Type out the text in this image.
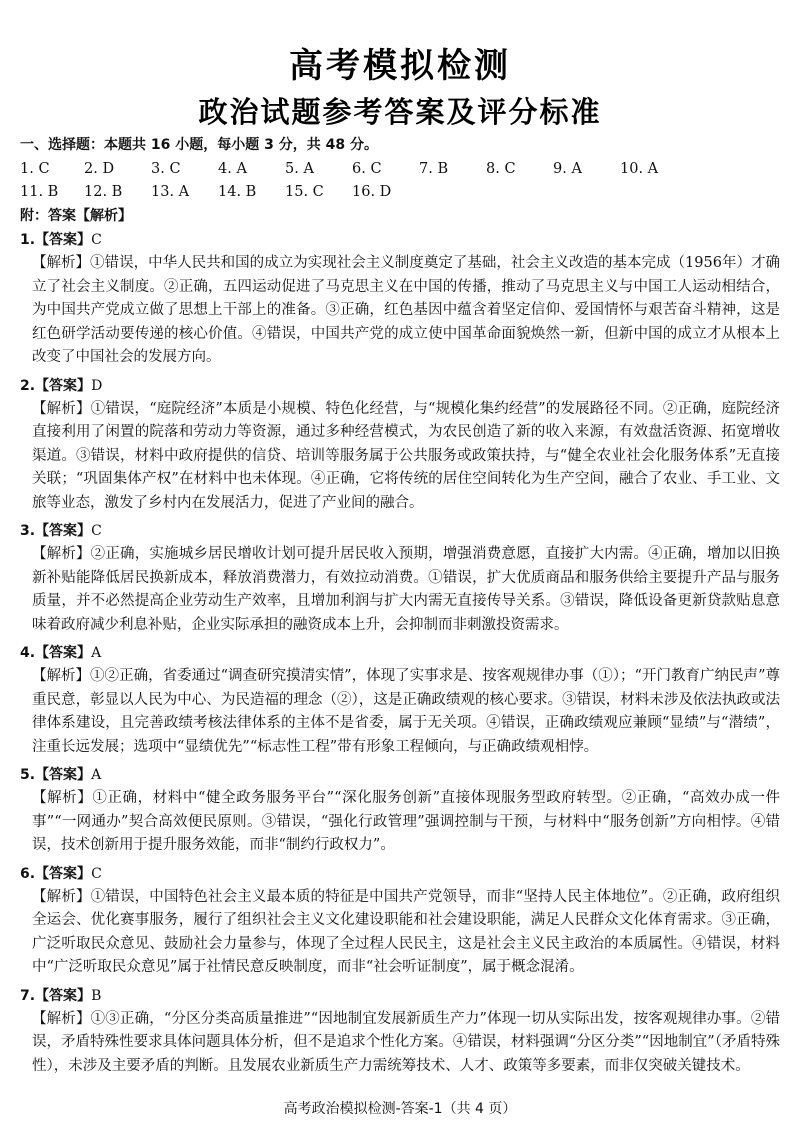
高考模拟检测
政治试题参考答案及评分标准
一、选择题：本题共 16 小题，每小题 3 分，共 48 分。
1. C 2. D	3. C	4. A	5. A	6. C	7. B	8. C	9. A	10. A
11. B 12. B 13. A 14. B 15. C 16. D
附：答案【解析】
1.【答案】C
【解析】①错误，中华人民共和国的成立为实现社会主义制度奠定了基础，社会主义改造的基本完成（1956年）才确立了社会主义制度。②正确，五四运动促进了马克思主义在中国的传播，推动了马克思主义与中国工人运动相结合，为中国共产党成立做了思想上干部上的准备。③正确，红色基因中蕴含着坚定信仰、爱国情怀与艰苦奋斗精神，这是红色研学活动要传递的核心价值。④错误，中国共产党的成立使中国革命面貌焕然一新，但新中国的成立才从根本上改变了中国社会的发展方向。
2.【答案】D
【解析】①错误，“庭院经济”本质是小规模、特色化经营，与“规模化集约经营”的发展路径不同。②正确，庭院经济直接利用了闲置的院落和劳动力等资源，通过多种经营模式，为农民创造了新的收入来源，有效盘活资源、拓宽增收渠道。③错误，材料中政府提供的信贷、培训等服务属于公共服务或政策扶持，与“健全农业社会化服务体系”无直接关联；“巩固集体产权”在材料中也未体现。④正确，它将传统的居住空间转化为生产空间，融合了农业、手工业、文旅等业态，激发了乡村内在发展活力，促进了产业间的融合。
3.【答案】C
【解析】②正确，实施城乡居民增收计划可提升居民收入预期，增强消费意愿，直接扩大内需。④正确，增加以旧换新补贴能降低居民换新成本，释放消费潜力，有效拉动消费。①错误，扩大优质商品和服务供给主要提升产品与服务质量，并不必然提高企业劳动生产效率，且增加利润与扩大内需无直接传导关系。③错误，降低设备更新贷款贴息意味着政府减少利息补贴，企业实际承担的融资成本上升，会抑制而非刺激投资需求。
4.【答案】A
【解析】①②正确，省委通过“调查研究摸清实情”，体现了实事求是、按客观规律办事（①）；“开门教育广纳民声”尊重民意，彰显以人民为中心、为民造福的理念（②），这是正确政绩观的核心要求。③错误，材料未涉及依法执政或法律体系建设，且完善政绩考核法律体系的主体不是省委，属于无关项。④错误，正确政绩观应兼顾“显绩”与“潜绩”，注重长远发展；选项中“显绩优先”“标志性工程”带有形象工程倾向，与正确政绩观相悖。
5.【答案】A
【解析】①正确，材料中“健全政务服务平台”“深化服务创新”直接体现服务型政府转型。②正确，“高效办成一件事”“一网通办”契合高效便民原则。③错误，“强化行政管理”强调控制与干预，与材料中“服务创新”方向相悖。④错误，技术创新用于提升服务效能，而非“制约行政权力”。
6.【答案】C
【解析】①错误，中国特色社会主义最本质的特征是中国共产党领导，而非“坚持人民主体地位”。②正确，政府组织全运会、优化赛事服务，履行了组织社会主义文化建设职能和社会建设职能，满足人民群众文化体育需求。③正确，广泛听取民众意见、鼓励社会力量参与，体现了全过程人民民主，这是社会主义民主政治的本质属性。④错误，材料中“广泛听取民众意见”属于社情民意反映制度，而非“社会听证制度”，属于概念混淆。
7.【答案】B
【解析】①③正确，“分区分类高质量推进”“因地制宜发展新质生产力”体现一切从实际出发，按客观规律办事。②错误，矛盾特殊性要求具体问题具体分析，但不是追求个性化方案。④错误，材料强调“分区分类”“因地制宜”（矛盾特殊性），未涉及主要矛盾的判断。且发展农业新质生产力需统筹技术、人才、政策等多要素，而非仅突破关键技术。
高考政治模拟检测-答案-1（共 4 页）
